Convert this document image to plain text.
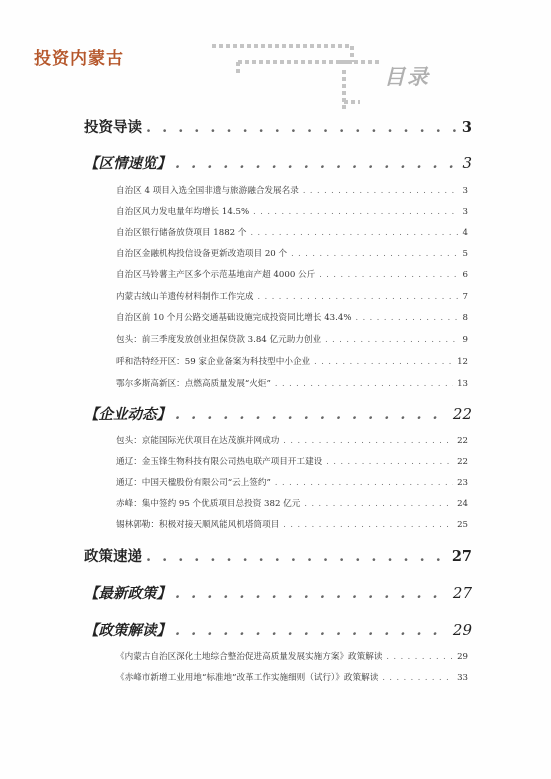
投资内蒙古
目录
投资导读 . . .	3
【区情速览】 . . .	3
自治区 4 项目入选全国非遗与旅游融合发展名录 . . .	3
自治区风力发电量年均增长 14.5% . . .	3
自治区银行储备放贷项目 1882 个 . . .	4
自治区金融机构投信设备更新改造项目 20 个 . . .	5
自治区马铃薯主产区多个示范基地亩产超 4000 公斤 . . .	6
内蒙古绒山羊遗传材料制作工作完成 . . .	7
自治区前 10 个月公路交通基础设施完成投资同比增长 43.4% . . .	8
包头：前三季度发放创业担保贷款 3.84 亿元助力创业 . . .	9
呼和浩特经开区：59 家企业备案为科技型中小企业 . . .	12
鄂尔多斯高新区：点燃高质量发展“火炬” . . .	13
【企业动态】 . . .	22
包头：京能国际光伏项目在达茂旗并网成功 . . .	22
通辽：金玉锋生物科技有限公司热电联产项目开工建设 . . .	22
通辽：中国天楹股份有限公司“云上签约” . . .	23
赤峰：集中签约 95 个优质项目总投资 382 亿元 . . .	24
锡林郭勒：积极对接天顺风能风机塔筒项目 . . .	25
政策速递 . . .	27
【最新政策】 . . .	27
【政策解读】 . . .	29
《内蒙古自治区深化土地综合整治促进高质量发展实施方案》政策解读 . . .	29
《赤峰市新增工业用地“标准地”改革工作实施细则（试行）》政策解读 . . .	33
